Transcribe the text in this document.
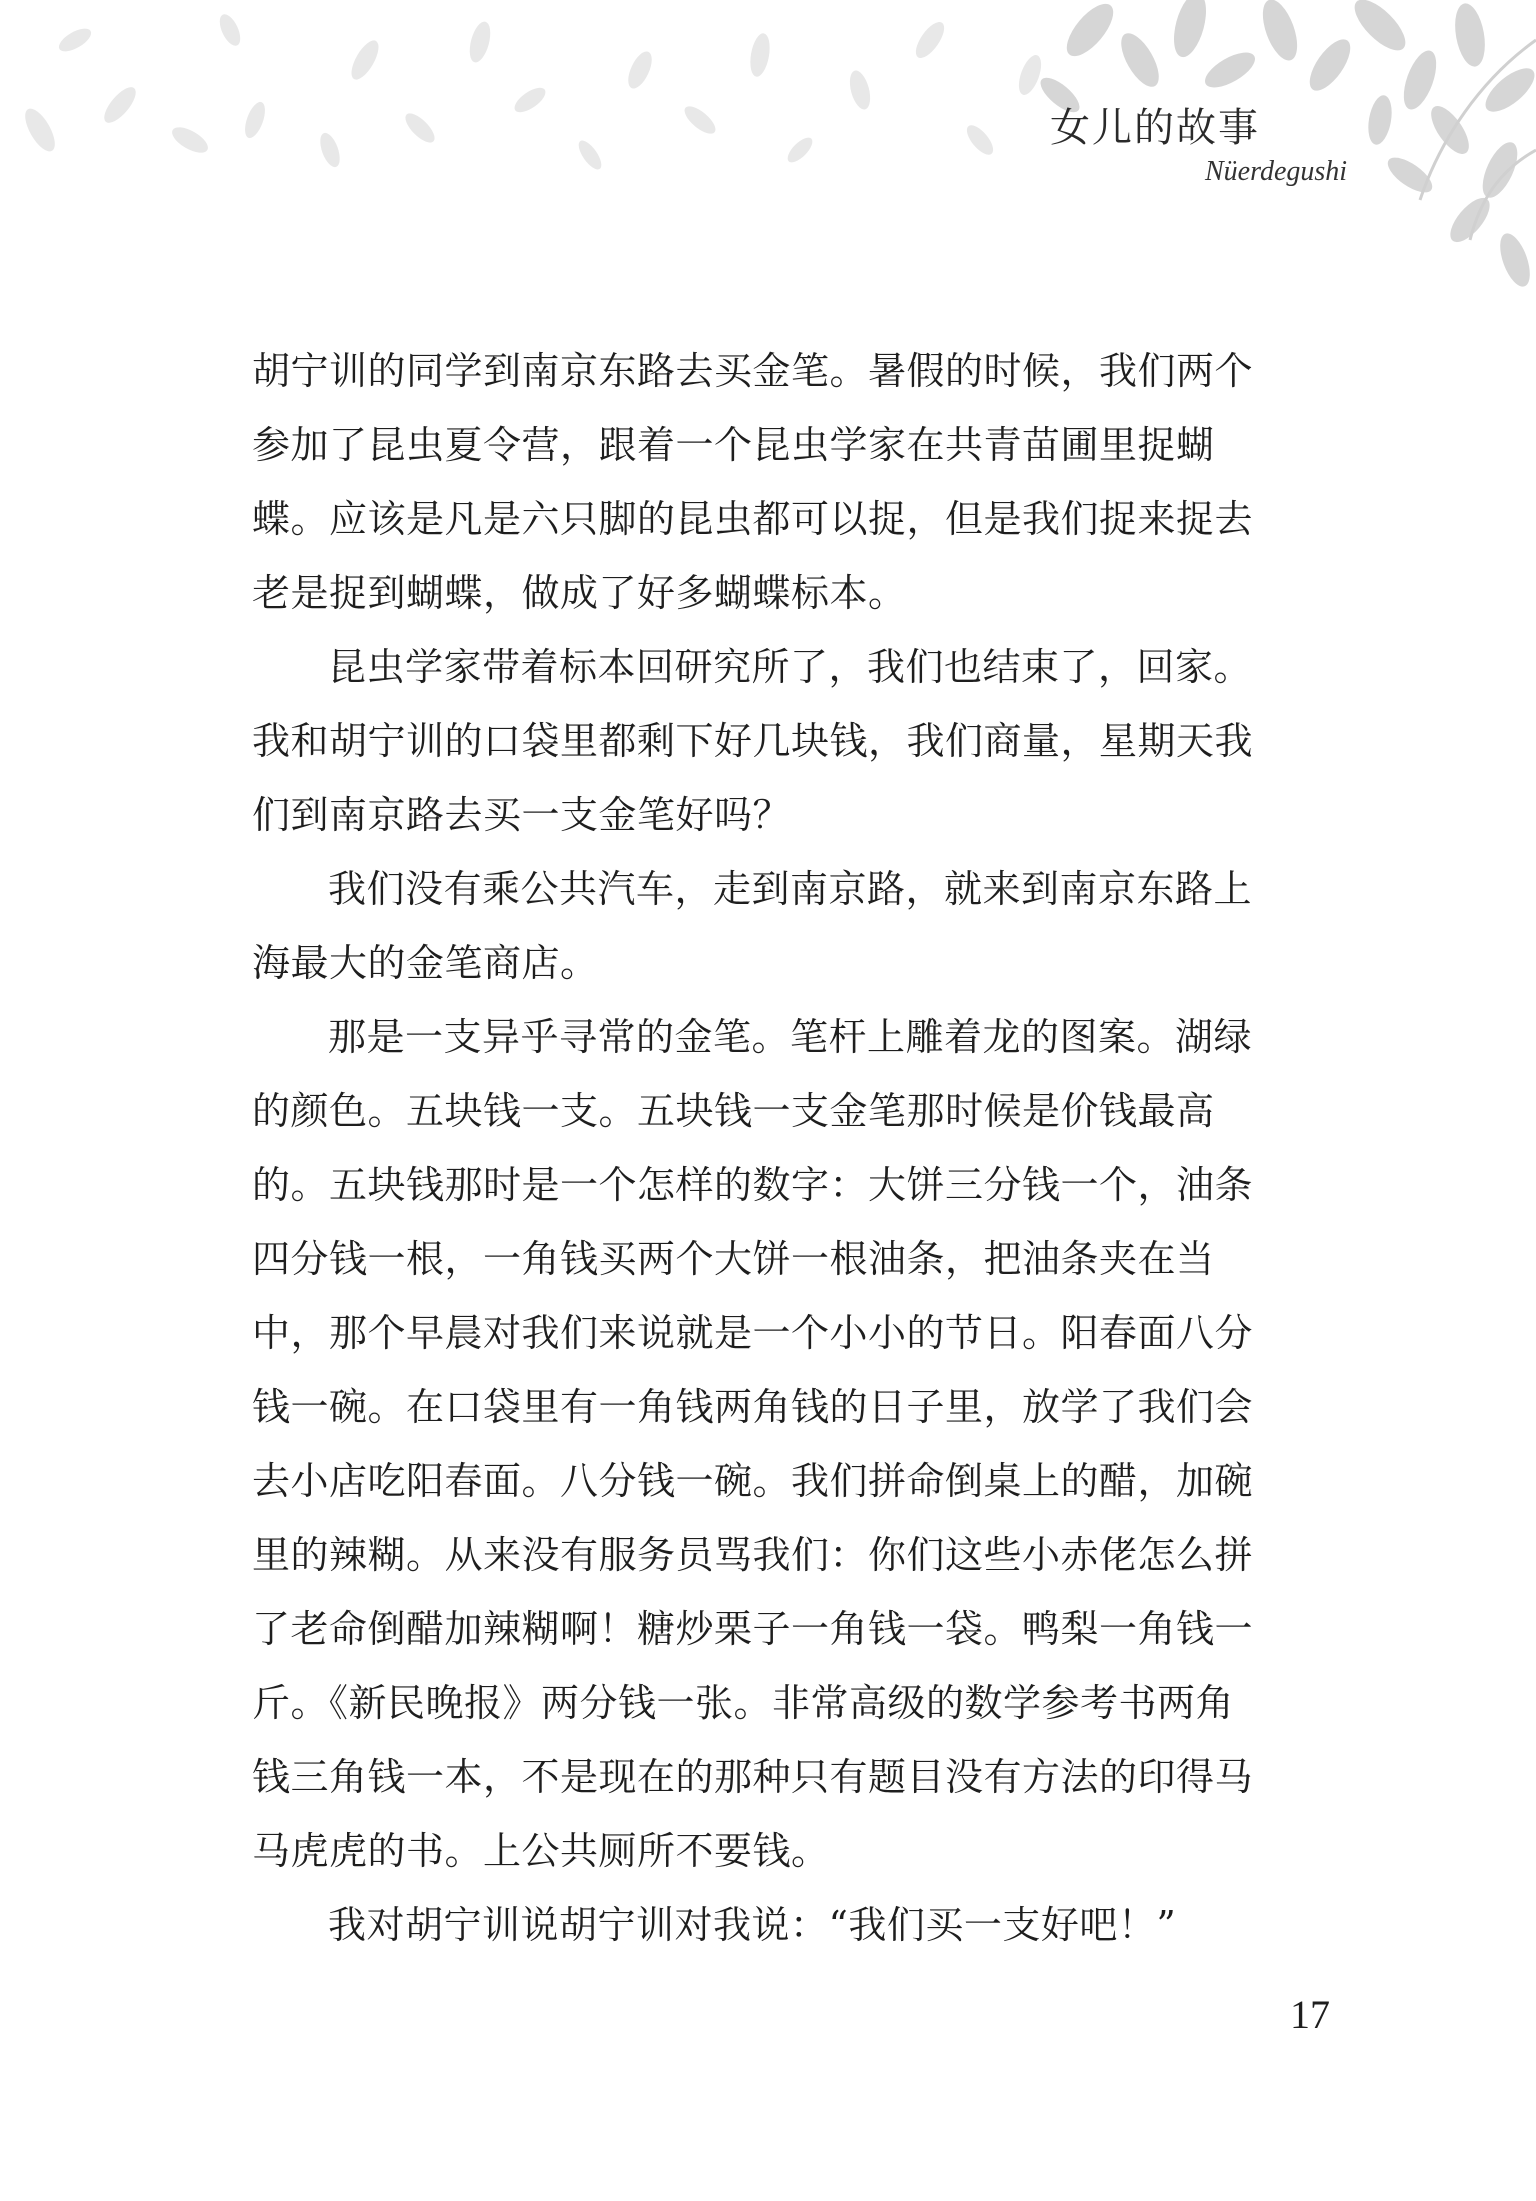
女儿的故事
Nüerdegushi
胡宁训的同学到南京东路去买金笔。暑假的时候，我们两个
参加了昆虫夏令营，跟着一个昆虫学家在共青苗圃里捉蝴
蝶。应该是凡是六只脚的昆虫都可以捉，但是我们捉来捉去
老是捉到蝴蝶，做成了好多蝴蝶标本。
昆虫学家带着标本回研究所了，我们也结束了，回家。
我和胡宁训的口袋里都剩下好几块钱，我们商量，星期天我
们到南京路去买一支金笔好吗？
我们没有乘公共汽车，走到南京路，就来到南京东路上
海最大的金笔商店。
那是一支异乎寻常的金笔。笔杆上雕着龙的图案。湖绿
的颜色。五块钱一支。五块钱一支金笔那时候是价钱最高
的。五块钱那时是一个怎样的数字：大饼三分钱一个，油条
四分钱一根，一角钱买两个大饼一根油条，把油条夹在当
中，那个早晨对我们来说就是一个小小的节日。阳春面八分
钱一碗。在口袋里有一角钱两角钱的日子里，放学了我们会
去小店吃阳春面。八分钱一碗。我们拼命倒桌上的醋，加碗
里的辣糊。从来没有服务员骂我们：你们这些小赤佬怎么拼
了老命倒醋加辣糊啊！糖炒栗子一角钱一袋。鸭梨一角钱一
斤。《新民晚报》两分钱一张。非常高级的数学参考书两角
钱三角钱一本，不是现在的那种只有题目没有方法的印得马
马虎虎的书。上公共厕所不要钱。
我对胡宁训说胡宁训对我说：“我们买一支好吧！”
17
